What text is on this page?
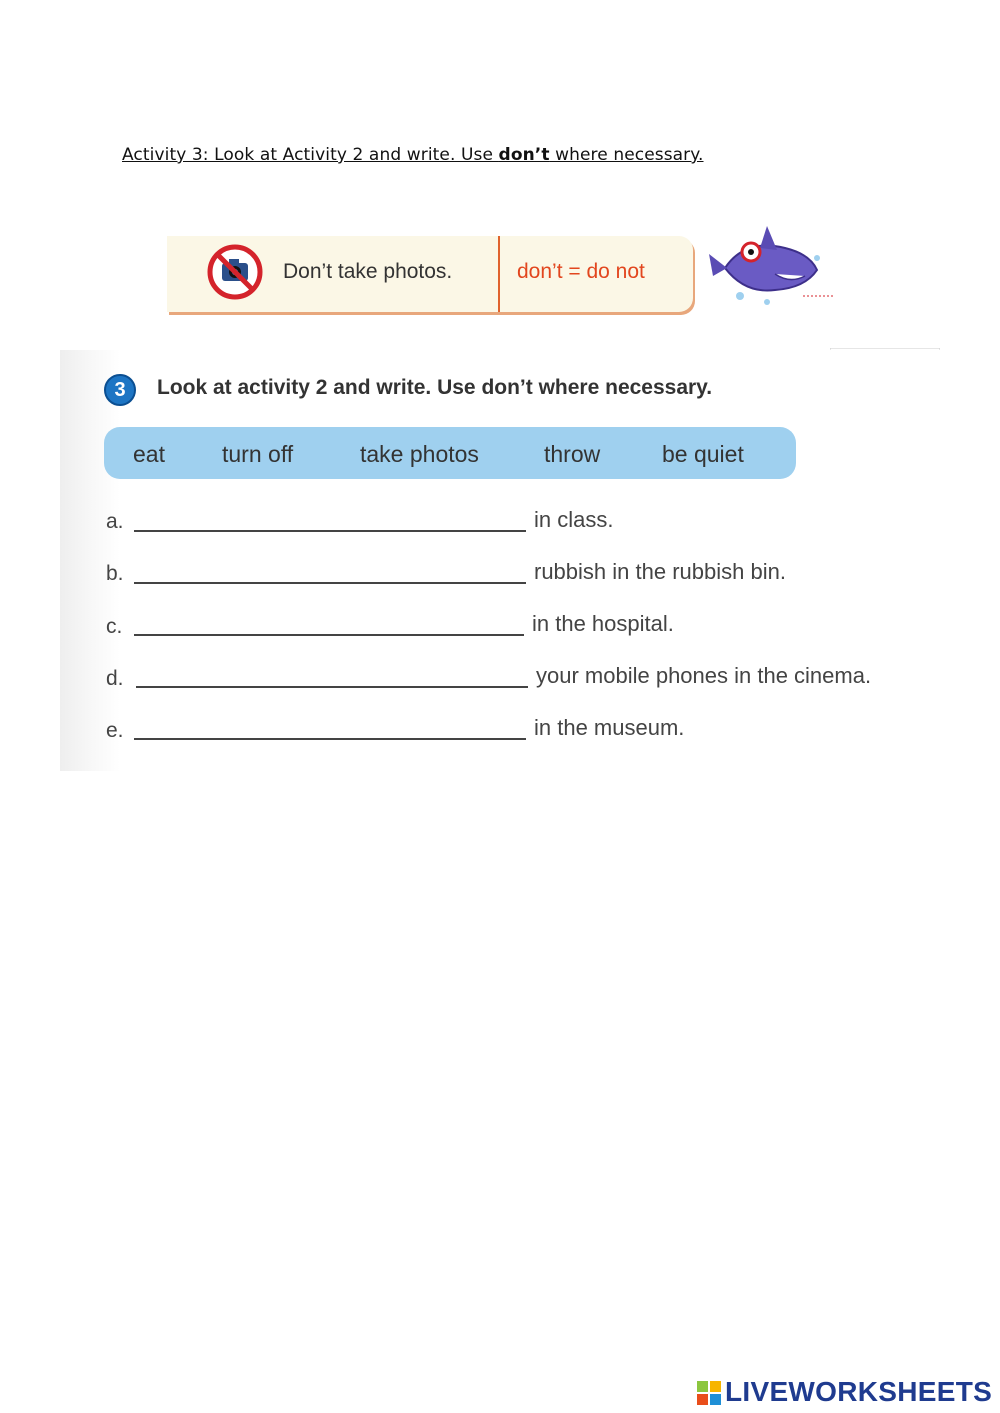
Activity 3: Look at Activity 2 and write. Use don’t where necessary.
Don’t take photos.	don’t = do not
3	Look at activity 2 and write. Use don’t where necessary.
eat turn off	take photos	throw	be quiet
a.	in class.
b.	rubbish in the rubbish bin.
c.	in the hospital.
d.	your mobile phones in the cinema.
e.	in the museum.
LIVEWORKSHEETS
